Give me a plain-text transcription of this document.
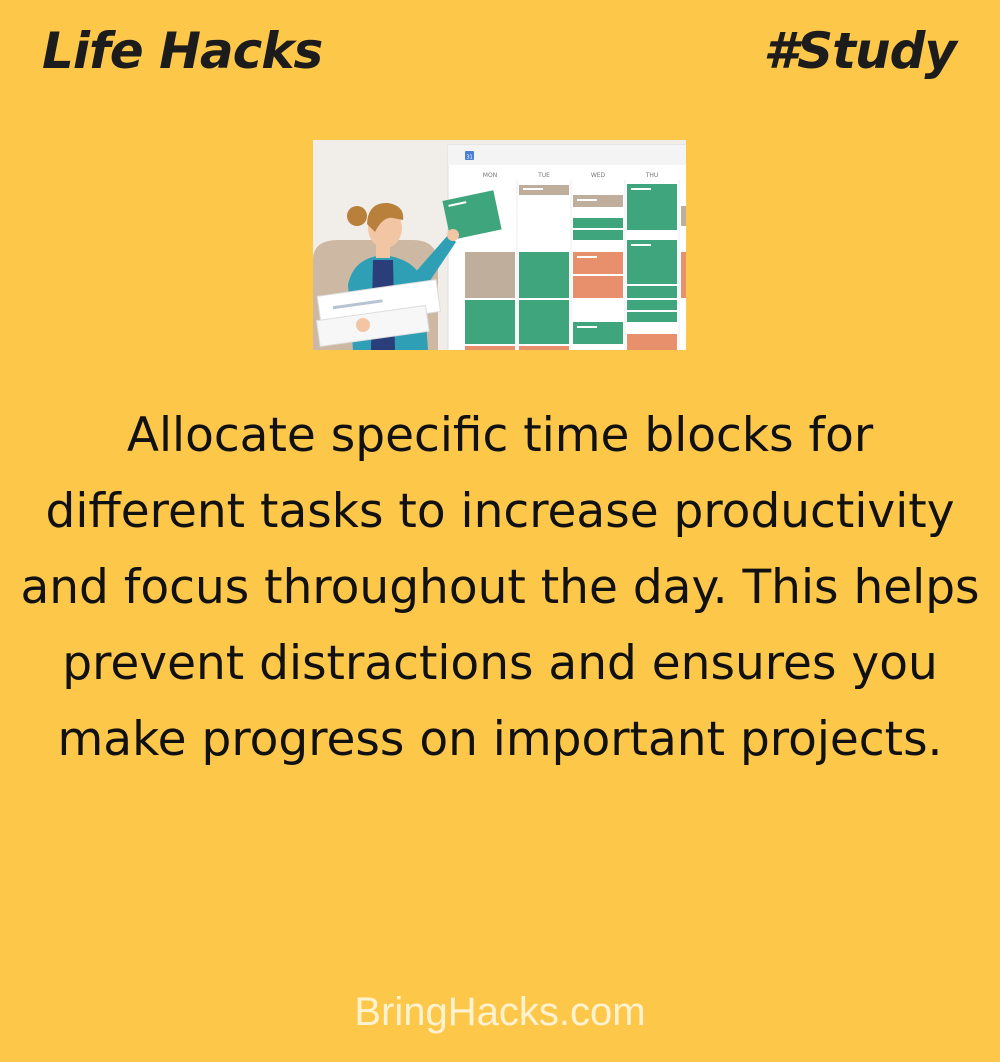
Life Hacks	#Study
31
MON	TUE	WED	THU
Allocate specific time blocks for different tasks to increase productivity and focus throughout the day. This helps prevent distractions and ensures you make progress on important projects.
BringHacks.com
